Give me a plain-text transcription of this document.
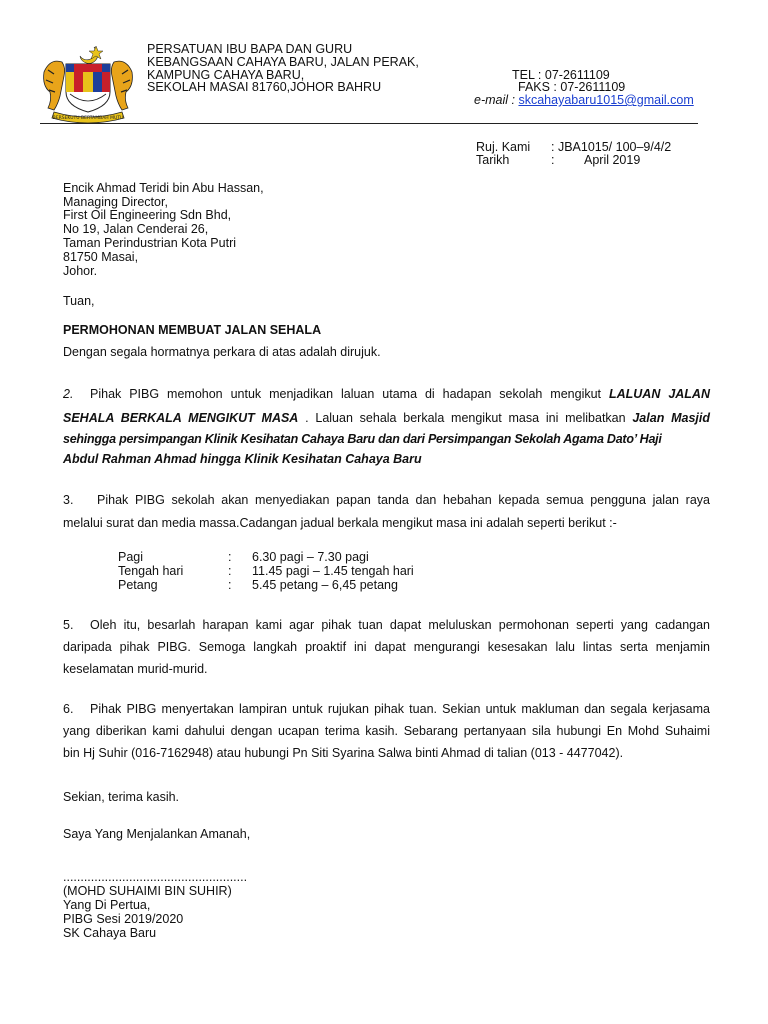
BERSEKUTU BERTAMBAH MUTU
PERSATUAN IBU BAPA DAN GURU
KEBANGSAAN CAHAYA BARU, JALAN PERAK,
KAMPUNG CAHAYA BARU,
SEKOLAH MASAI 81760,JOHOR BAHRU
TEL : 07-2611109
FAKS : 07-2611109
e-mail : skcahayabaru1015@gmail.com
Ruj. Kami : JBA1015/ 100–9/4/2
Tarikh	: April 2019
Encik Ahmad Teridi bin Abu Hassan,
Managing Director,
First Oil Engineering Sdn Bhd,
No 19, Jalan Cenderai 26,
Taman Perindustrian Kota Putri
81750 Masai,
Johor.
Tuan,
PERMOHONAN MEMBUAT JALAN SEHALA
Dengan segala hormatnya perkara di atas adalah dirujuk.
2. Pihak PIBG memohon untuk menjadikan laluan utama di hadapan sekolah mengikut LALUAN JALAN
SEHALA BERKALA MENGIKUT MASA . Laluan sehala berkala mengikut masa ini melibatkan Jalan Masjid
sehingga persimpangan Klinik Kesihatan Cahaya Baru dan dari Persimpangan Sekolah Agama Dato’ Haji
Abdul Rahman Ahmad hingga Klinik Kesihatan Cahaya Baru
3. Pihak PIBG sekolah akan menyediakan papan tanda dan hebahan kepada semua pengguna jalan raya
melalui surat dan media massa.Cadangan jadual berkala mengikut masa ini adalah seperti berikut :-
Pagi	: 6.30 pagi – 7.30 pagi
Tengah hari	: 11.45 pagi – 1.45 tengah hari
Petang	: 5.45 petang – 6,45 petang
5. Oleh itu, besarlah harapan kami agar pihak tuan dapat meluluskan permohonan seperti yang cadangan
daripada pihak PIBG. Semoga langkah proaktif ini dapat mengurangi kesesakan lalu lintas serta menjamin
keselamatan murid-murid.
6. Pihak PIBG menyertakan lampiran untuk rujukan pihak tuan. Sekian untuk makluman dan segala kerjasama
yang diberikan kami dahului dengan ucapan terima kasih. Sebarang pertanyaan sila hubungi En Mohd Suhaimi
bin Hj Suhir (016-7162948) atau hubungi Pn Siti Syarina Salwa binti Ahmad di talian (013 - 4477042).
Sekian, terima kasih.
Saya Yang Menjalankan Amanah,
.....................................................
(MOHD SUHAIMI BIN SUHIR)
Yang Di Pertua,
PIBG Sesi 2019/2020
SK Cahaya Baru
